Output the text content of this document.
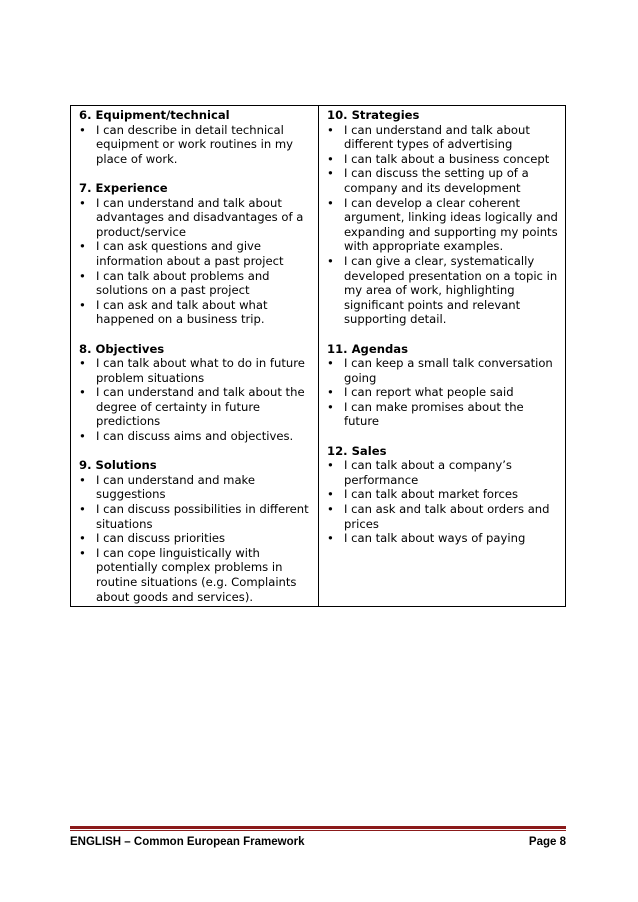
6. Equipment/technical
• I can describe in detail technical equipment or work routines in my place of work.
7. Experience
• I can understand and talk about advantages and disadvantages of a product/service
• I can ask questions and give information about a past project
• I can talk about problems and solutions on a past project
• I can ask and talk about what happened on a business trip.
8. Objectives
• I can talk about what to do in future problem situations
• I can understand and talk about the degree of certainty in future predictions
• I can discuss aims and objectives.
9. Solutions
• I can understand and make suggestions
• I can discuss possibilities in different situations
• I can discuss priorities
• I can cope linguistically with potentially complex problems in routine situations (e.g. Complaints about goods and services).
10. Strategies
• I can understand and talk about different types of advertising
• I can talk about a business concept
• I can discuss the setting up of a company and its development
• I can develop a clear coherent argument, linking ideas logically and expanding and supporting my points with appropriate examples.
• I can give a clear, systematically developed presentation on a topic in my area of work, highlighting significant points and relevant supporting detail.
11. Agendas
• I can keep a small talk conversation going
• I can report what people said
• I can make promises about the future
12. Sales
• I can talk about a company’s performance
• I can talk about market forces
• I can ask and talk about orders and prices
• I can talk about ways of paying
ENGLISH – Common European Framework	Page 8
